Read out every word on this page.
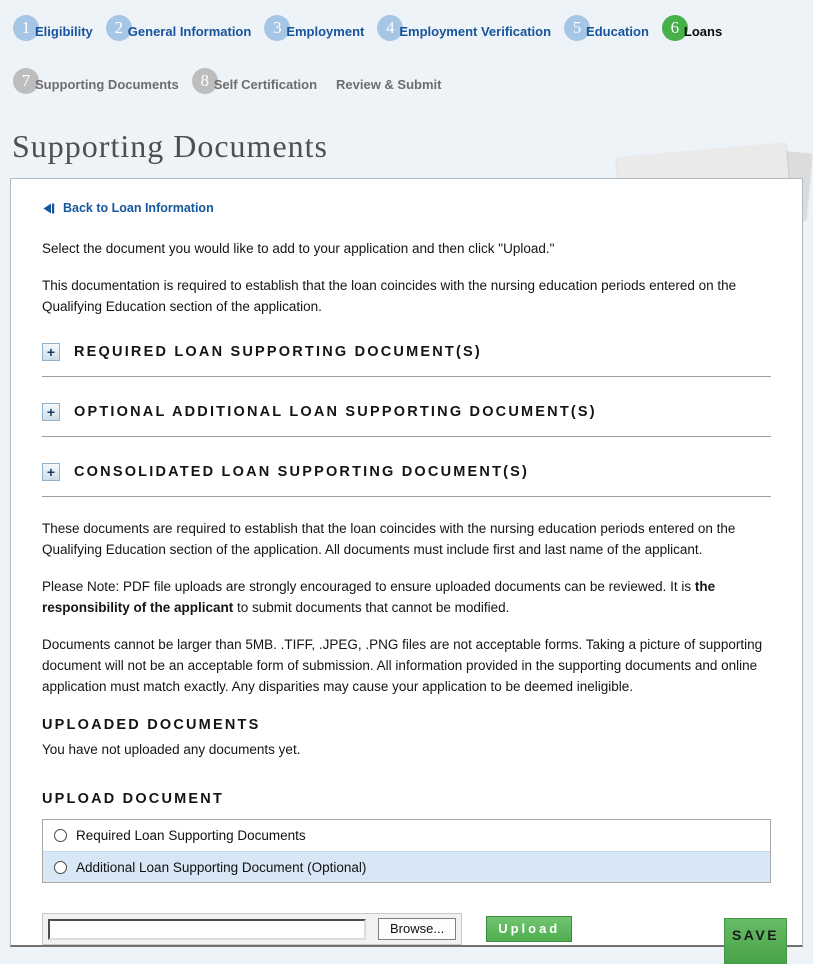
1 Eligibility	2 General Information	3 Employment	4 Employment Verification	5 Education	6 Loans
7 Supporting Documents	8 Self Certification Review & Submit
Supporting Documents
Back to Loan Information

Select the document you would like to add to your application and then click "Upload."

This documentation is required to establish that the loan coincides with the nursing education periods entered on the Qualifying Education section of the application.

+	REQUIRED LOAN SUPPORTING DOCUMENT(S)
+	OPTIONAL ADDITIONAL LOAN SUPPORTING DOCUMENT(S)
+	CONSOLIDATED LOAN SUPPORTING DOCUMENT(S)

These documents are required to establish that the loan coincides with the nursing education periods entered on the Qualifying Education section of the application. All documents must include first and last name of the applicant.

Please Note: PDF file uploads are strongly encouraged to ensure uploaded documents can be reviewed. It is the responsibility of the applicant to submit documents that cannot be modified.

Documents cannot be larger than 5MB. .TIFF, .JPEG, .PNG files are not acceptable forms. Taking a picture of supporting document will not be an acceptable form of submission. All information provided in the supporting documents and online application must match exactly. Any disparities may cause your application to be deemed ineligible.

UPLOADED DOCUMENTS
You have not uploaded any documents yet.
UPLOAD DOCUMENT
Required Loan Supporting Documents
Additional Loan Supporting Document (Optional)
Browse...	Upload	SAVE
